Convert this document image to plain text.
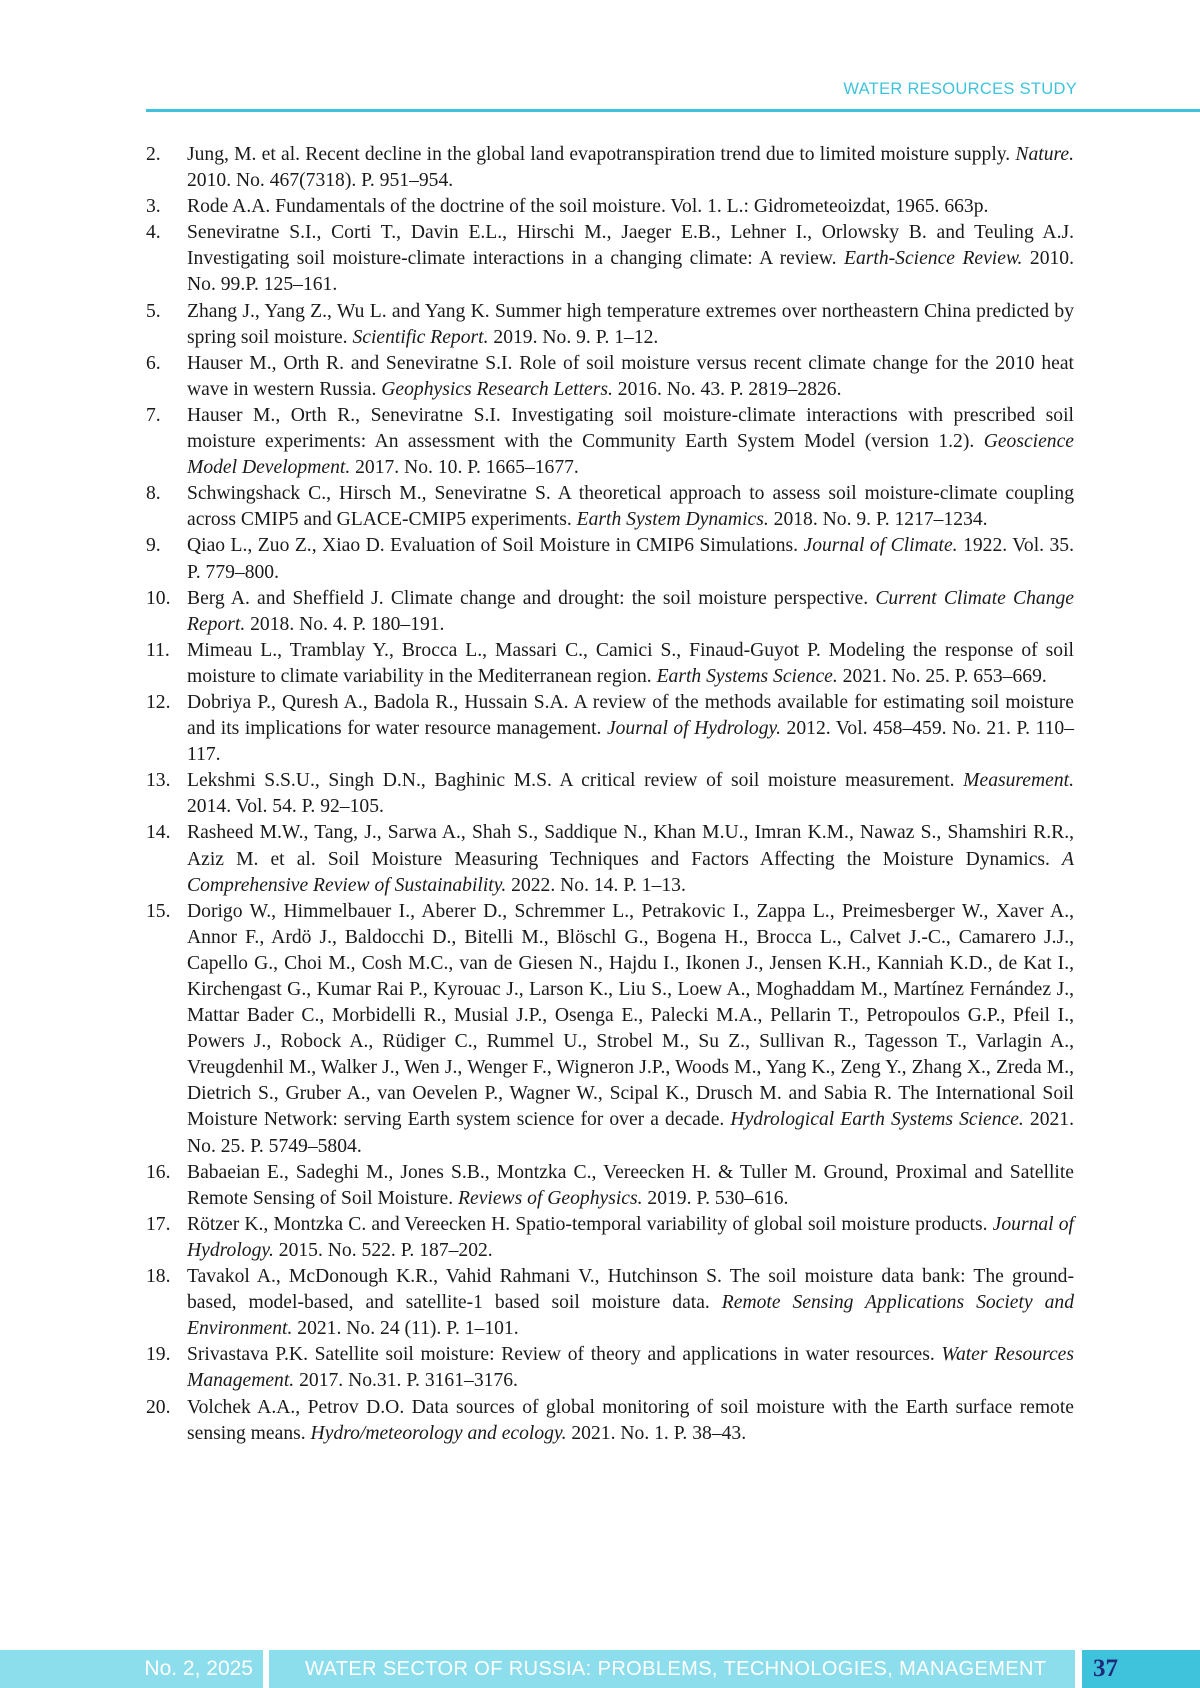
WATER RESOURCES STUDY
2. Jung, M. et al. Recent decline in the global land evapotranspiration trend due to limited moisture supply. Nature. 2010. No. 467(7318). P. 951–954.
3. Rode A.A. Fundamentals of the doctrine of the soil moisture. Vol. 1. L.: Gidrometeoizdat, 1965. 663p.
4. Seneviratne S.I., Corti T., Davin E.L., Hirschi M., Jaeger E.B., Lehner I., Orlowsky B. and Teuling A.J. Investigating soil moisture-climate interactions in a changing climate: A review. Earth-Science Review. 2010. No. 99.P. 125–161.
5. Zhang J., Yang Z., Wu L. and Yang K. Summer high temperature extremes over northeastern China predicted by spring soil moisture. Scientific Report. 2019. No. 9. P. 1–12.
6. Hauser M., Orth R. and Seneviratne S.I. Role of soil moisture versus recent climate change for the 2010 heat wave in western Russia. Geophysics Research Letters. 2016. No. 43. P. 2819–2826.
7. Hauser M., Orth R., Seneviratne S.I. Investigating soil moisture-climate interactions with prescribed soil moisture experiments: An assessment with the Community Earth System Model (version 1.2). Geoscience Model Development. 2017. No. 10. P. 1665–1677.
8. Schwingshack C., Hirsch M., Seneviratne S. A theoretical approach to assess soil moisture-climate coupling across CMIP5 and GLACE-CMIP5 experiments. Earth System Dynamics. 2018. No. 9. P. 1217–1234.
9. Qiao L., Zuo Z., Xiao D. Evaluation of Soil Moisture in CMIP6 Simulations. Journal of Climate. 1922. Vol. 35. P. 779–800.
10. Berg A. and Sheffield J. Climate change and drought: the soil moisture perspective. Current Climate Change Report. 2018. No. 4. P. 180–191.
11. Mimeau L., Tramblay Y., Brocca L., Massari C., Camici S., Finaud-Guyot P. Modeling the response of soil moisture to climate variability in the Mediterranean region. Earth Systems Science. 2021. No. 25. P. 653–669.
12. Dobriya P., Quresh A., Badola R., Hussain S.A. A review of the methods available for estimating soil moisture and its implications for water resource management. Journal of Hydrology. 2012. Vol. 458–459. No. 21. P. 110–117.
13. Lekshmi S.S.U., Singh D.N., Baghinic M.S. A critical review of soil moisture measurement. Measurement. 2014. Vol. 54. P. 92–105.
14. Rasheed M.W., Tang, J., Sarwa A., Shah S., Saddique N., Khan M.U., Imran K.M., Nawaz S., Shamshiri R.R., Aziz M. et al. Soil Moisture Measuring Techniques and Factors Affecting the Moisture Dynamics. A Comprehensive Review of Sustainability. 2022. No. 14. P. 1–13.
15. Dorigo W., Himmelbauer I., Aberer D., Schremmer L., Petrakovic I., Zappa L., Preimesberger W., Xaver A., Annor F., Ardö J., Baldocchi D., Bitelli M., Blöschl G., Bogena H., Brocca L., Calvet J.-C., Camarero J.J., Capello G., Choi M., Cosh M.C., van de Giesen N., Hajdu I., Ikonen J., Jensen K.H., Kanniah K.D., de Kat I., Kirchengast G., Kumar Rai P., Kyrouac J., Larson K., Liu S., Loew A., Moghaddam M., Martínez Fernández J., Mattar Bader C., Morbidelli R., Musial J.P., Osenga E., Palecki M.A., Pellarin T., Petropoulos G.P., Pfeil I., Powers J., Robock A., Rüdiger C., Rummel U., Strobel M., Su Z., Sullivan R., Tagesson T., Varlagin A., Vreugdenhil M., Walker J., Wen J., Wenger F., Wigneron J.P., Woods M., Yang K., Zeng Y., Zhang X., Zreda M., Dietrich S., Gruber A., van Oevelen P., Wagner W., Scipal K., Drusch M. and Sabia R. The International Soil Moisture Network: serving Earth system science for over a decade. Hydrological Earth Systems Science. 2021. No. 25. P. 5749–5804.
16. Babaeian E., Sadeghi M., Jones S.B., Montzka C., Vereecken H. & Tuller M. Ground, Proximal and Satellite Remote Sensing of Soil Moisture. Reviews of Geophysics. 2019. P. 530–616.
17. Rötzer K., Montzka C. and Vereecken H. Spatio-temporal variability of global soil moisture products. Journal of Hydrology. 2015. No. 522. P. 187–202.
18. Tavakol A., McDonough K.R., Vahid Rahmani V., Hutchinson S. The soil moisture data bank: The ground-based, model-based, and satellite-1 based soil moisture data. Remote Sensing Applications Society and Environment. 2021. No. 24 (11). P. 1–101.
19. Srivastava P.K. Satellite soil moisture: Review of theory and applications in water resources. Water Resources Management. 2017. No.31. P. 3161–3176.
20. Volchek A.A., Petrov D.O. Data sources of global monitoring of soil moisture with the Earth surface remote sensing means. Hydro/meteorology and ecology. 2021. No. 1. P. 38–43.
No. 2, 2025	WATER SECTOR OF RUSSIA: PROBLEMS, TECHNOLOGIES, MANAGEMENT	37
